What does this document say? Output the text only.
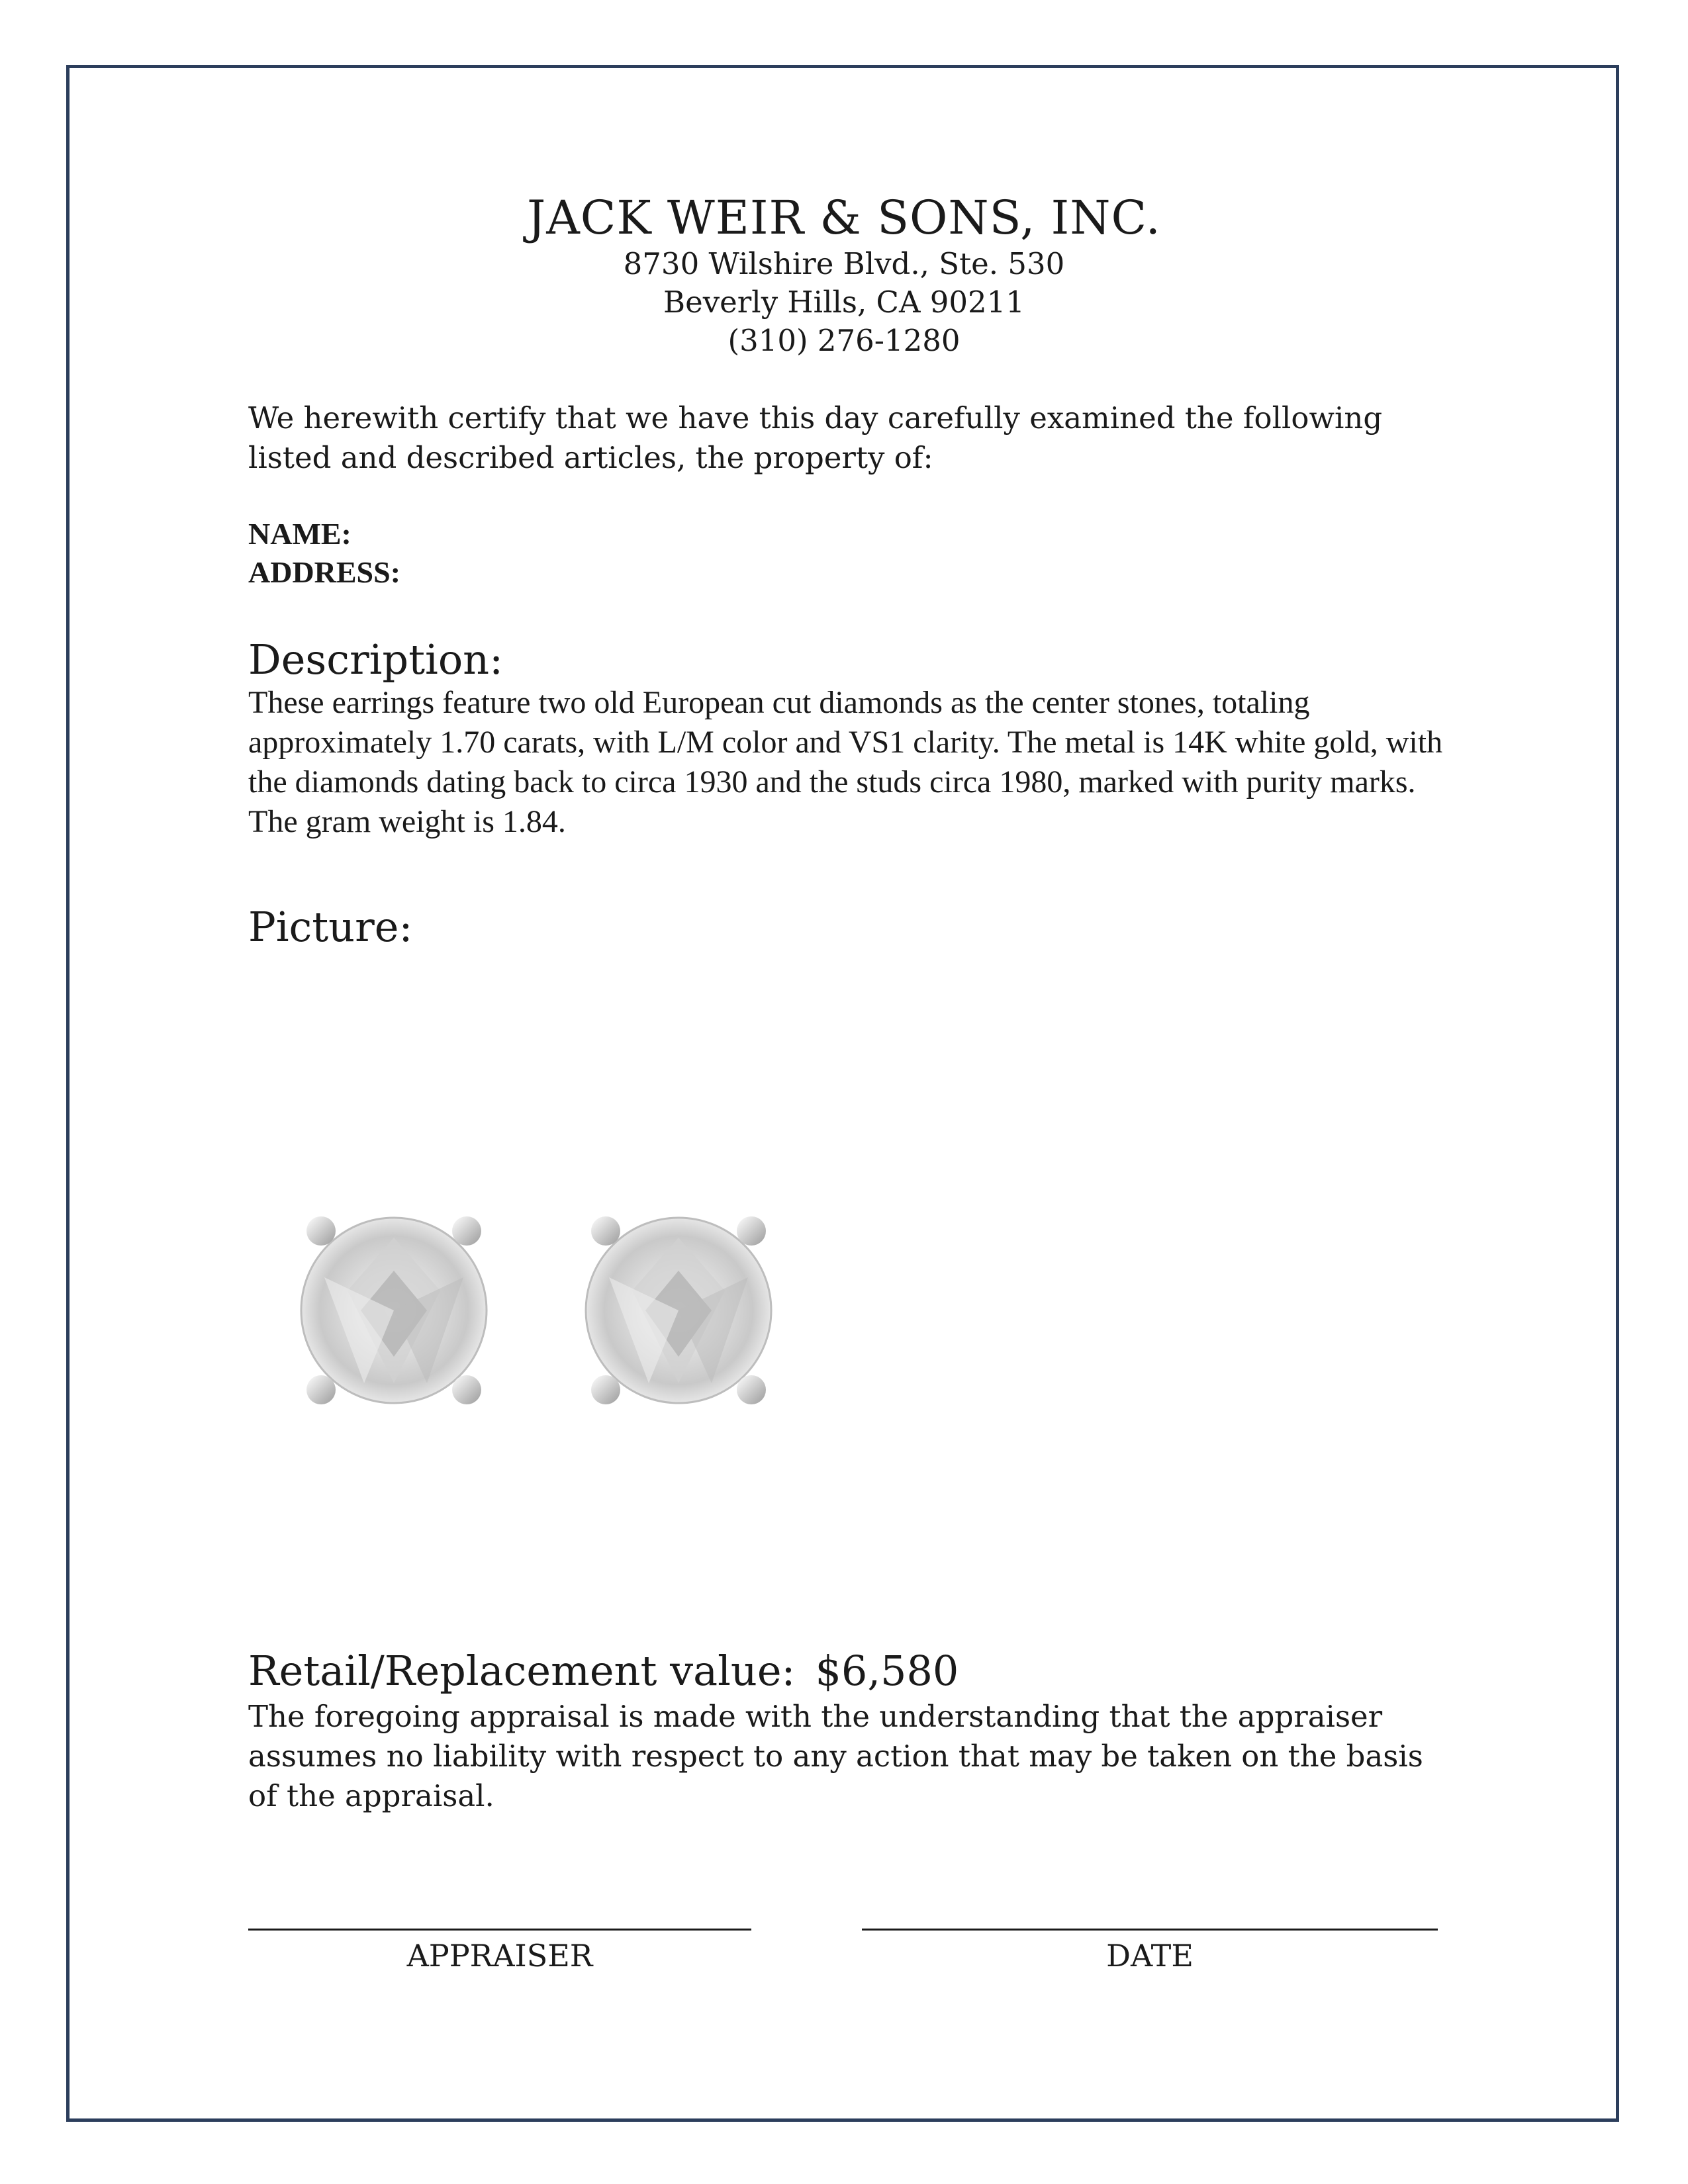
JACK WEIR & SONS, INC.
8730 Wilshire Blvd., Ste. 530
Beverly Hills, CA 90211
(310) 276-1280
We herewith certify that we have this day carefully examined the following listed and described articles, the property of:
NAME:
ADDRESS:
Description:
These earrings feature two old European cut diamonds as the center stones, totaling approximately 1.70 carats, with L/M color and VS1 clarity. The metal is 14K white gold, with the diamonds dating back to circa 1930 and the studs circa 1980, marked with purity marks. The gram weight is 1.84.
Picture:
Retail/Replacement value: $6,580
The foregoing appraisal is made with the understanding that the appraiser assumes no liability with respect to any action that may be taken on the basis of the appraisal.
APPRAISER	DATE
